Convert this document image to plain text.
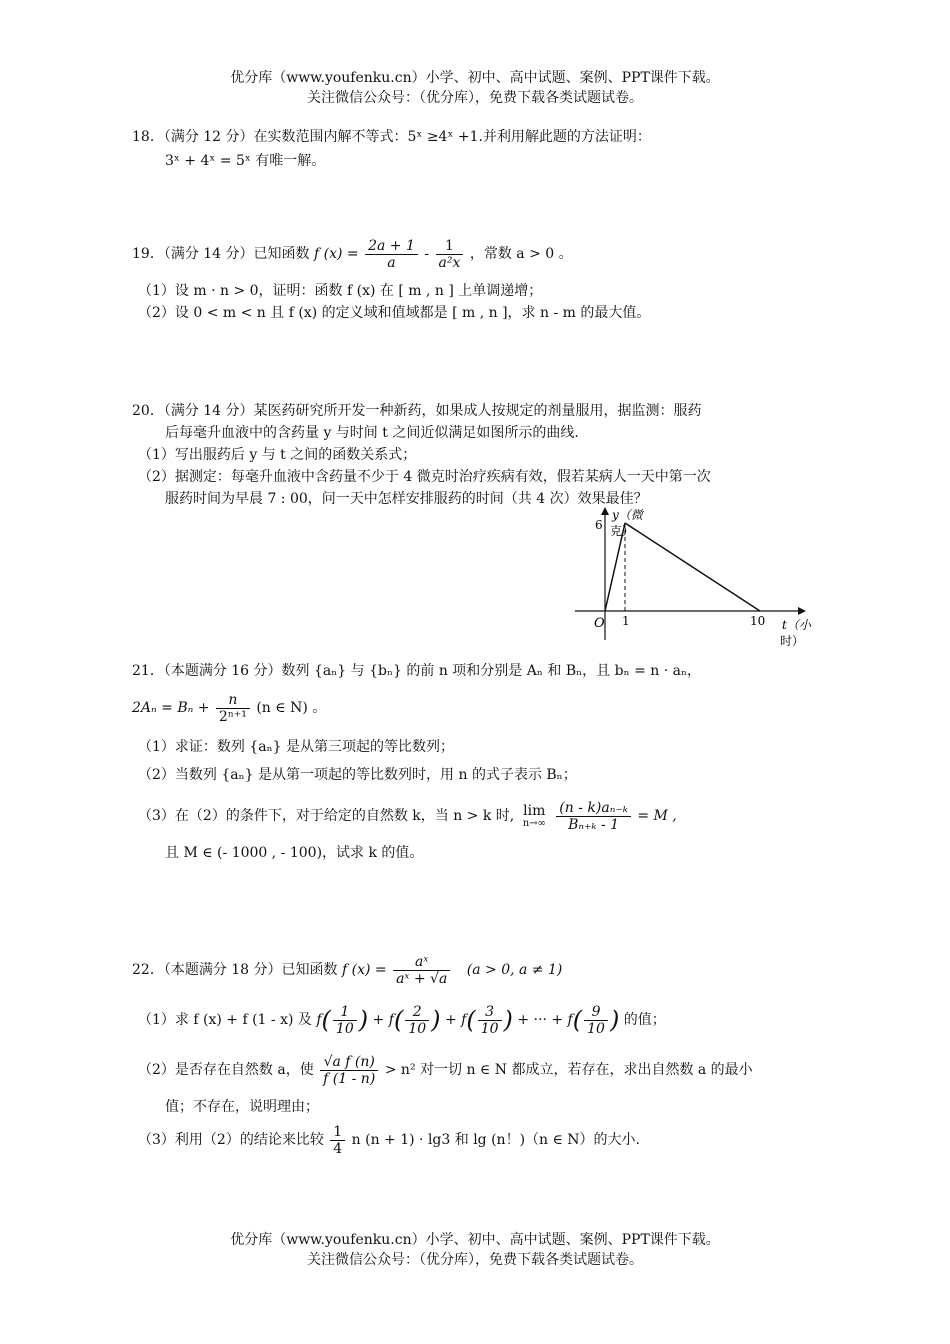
优分库（www.youfenku.cn）小学、初中、高中试题、案例、PPT课件下载。
关注微信公众号：（优分库），免费下载各类试题试卷。
18．（满分 12 分）在实数范围内解不等式：5ˣ ≥4ˣ +1.并利用解此题的方法证明：
3ˣ + 4ˣ = 5ˣ 有唯一解。
19．（满分 14 分）已知函数 f $(x) = \frac{2a + 1}{a} - \frac{1}{\text{a²x}}$ ，常数 a > 0 。
（1）设 m · n > 0，证明：函数 f (x) 在 [ m , n ] 上单调递增；
（2）设 0 < m < n 且 f (x) 的定义域和值域都是 [ m , n ]，求 n - m 的最大值。
20．（满分 14 分）某医药研究所开发一种新药，如果成人按规定的剂量服用，据监测：服药
后每毫升血液中的含药量 y 与时间 t 之间近似满足如图所示的曲线.
（1）写出服药后 y 与 t 之间的函数关系式；
（2）据测定：每毫升血液中含药量不少于 4 微克时治疗疾病有效，假若某病人一天中第一次
服药时间为早晨 7 : 00，问一天中怎样安排服药的时间（共 4 次）效果最佳？
y（微
克）
6
O 1	10 t（小
时）
21．（本题满分 16 分）数列 {aₙ} 与 {bₙ} 的前 n 项和分别是 Aₙ 和 Bₙ，且 bₙ = n · aₙ，
$2A_n = B_n + \frac{n}{\text{2ⁿ⁺¹}} (n$ ∈ N) 。
（1）求证：数列 {aₙ} 是从第三项起的等比数列；
（2）当数列 {aₙ} 是从第一项起的等比数列时，用 n 的式子表示 Bₙ；
（3）在（2）的条件下，对于给定的自然数 k，当 n > k 时, lim
n→∞
$\frac{\text{(n - k)aₙ₋ₖ}}{\text{Bₙ₊ₖ - 1}} = M$ ,
且 M ∈ (- 1000 , - 100)，试求 k 的值。
22．（本题满分 18 分）已知函数 f $(x) = \frac{\text{aˣ}}{\text{aˣ + √a}} (a > 0$, a ≠ 1)
（1）求 f (x) + f (1 - x) 及 $f( \frac{1}{10}$ ) + $f( \frac{2}{10}$ ) + $f( \frac{3}{10}$ ) + ··· + $f( \frac{9}{10}$ ) 的值；
（2）是否存在自然数 a，使 $\frac{\text{√a f (n)}}{f (1 - n)} > n^2$ 对一切 n ∈ N 都成立，若存在，求出自然数 a 的最小
值；不存在，说明理由；
（3）利用（2）的结论来比较 $\frac{1}{4}$ n (n + 1) · lg3 和 lg (n！)（n ∈ N）的大小.
优分库（www.youfenku.cn）小学、初中、高中试题、案例、PPT课件下载。
关注微信公众号：（优分库），免费下载各类试题试卷。
